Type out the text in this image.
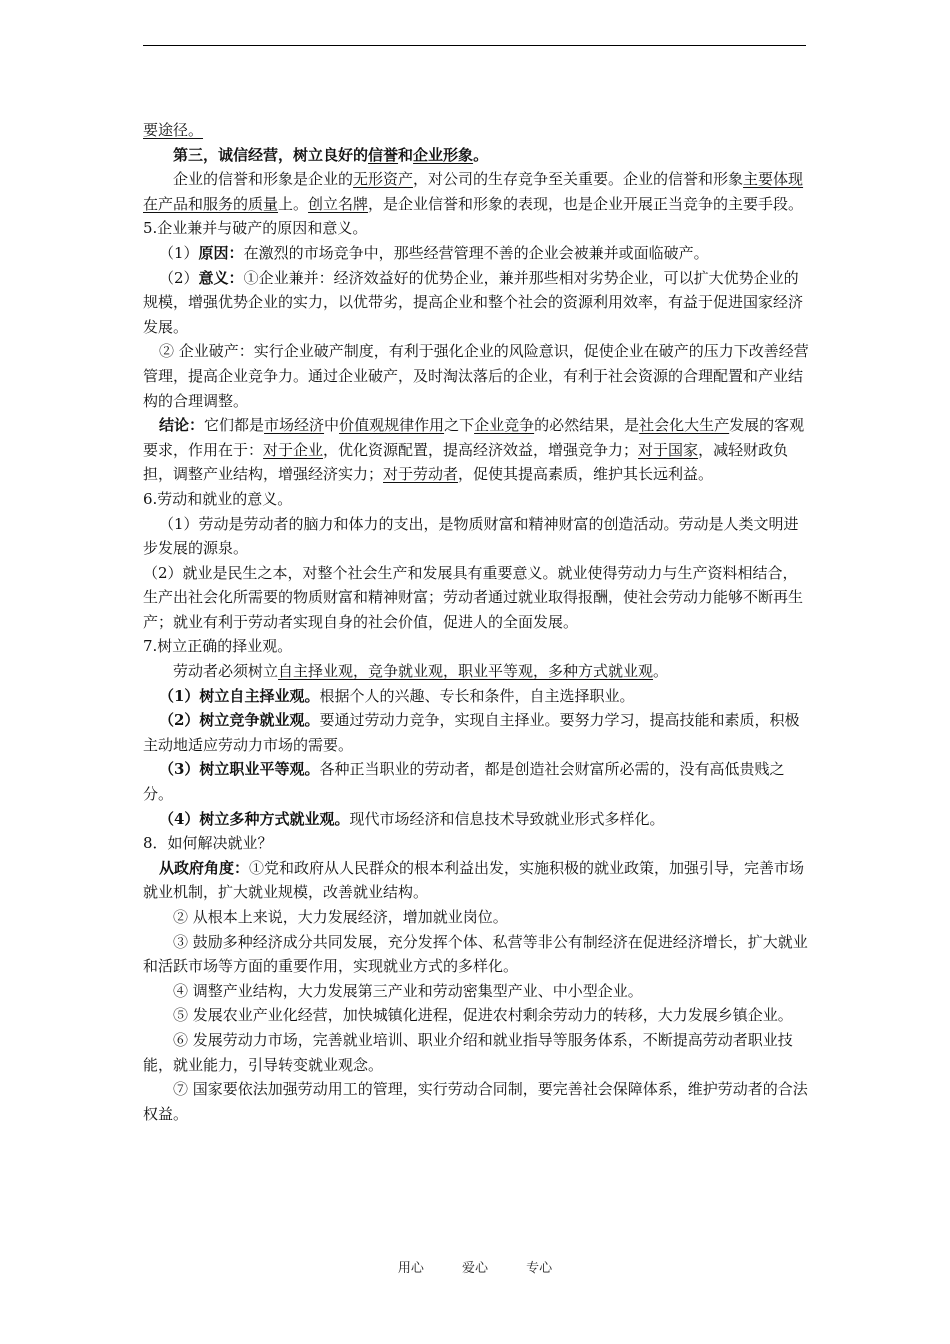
要途径。

第三，诚信经营，树立良好的信誉和企业形象。

企业的信誉和形象是企业的无形资产，对公司的生存竞争至关重要。企业的信誉和形象主要体现在产品和服务的质量上。创立名牌，是企业信誉和形象的表现，也是企业开展正当竞争的主要手段。

5.企业兼并与破产的原因和意义。

（1）原因：在激烈的市场竞争中，那些经营管理不善的企业会被兼并或面临破产。

（2）意义：①企业兼并：经济效益好的优势企业，兼并那些相对劣势企业，可以扩大优势企业的规模，增强优势企业的实力，以优带劣，提高企业和整个社会的资源利用效率，有益于促进国家经济发展。

② 企业破产：实行企业破产制度，有利于强化企业的风险意识，促使企业在破产的压力下改善经营管理，提高企业竞争力。通过企业破产，及时淘汰落后的企业，有利于社会资源的合理配置和产业结构的合理调整。

结论：它们都是市场经济中价值观规律作用之下企业竞争的必然结果，是社会化大生产发展的客观要求，作用在于：对于企业，优化资源配置，提高经济效益，增强竞争力；对于国家，减轻财政负担，调整产业结构，增强经济实力；对于劳动者，促使其提高素质，维护其长远利益。

6.劳动和就业的意义。

（1）劳动是劳动者的脑力和体力的支出，是物质财富和精神财富的创造活动。劳动是人类文明进步发展的源泉。

（2）就业是民生之本，对整个社会生产和发展具有重要意义。就业使得劳动力与生产资料相结合，生产出社会化所需要的物质财富和精神财富；劳动者通过就业取得报酬，使社会劳动力能够不断再生产；就业有利于劳动者实现自身的社会价值，促进人的全面发展。

7.树立正确的择业观。

劳动者必须树立自主择业观，竞争就业观，职业平等观，多种方式就业观。

（1）树立自主择业观。根据个人的兴趣、专长和条件，自主选择职业。

（2）树立竞争就业观。要通过劳动力竞争，实现自主择业。要努力学习，提高技能和素质，积极主动地适应劳动力市场的需要。

（3）树立职业平等观。各种正当职业的劳动者，都是创造社会财富所必需的，没有高低贵贱之分。

（4）树立多种方式就业观。现代市场经济和信息技术导致就业形式多样化。

8．如何解决就业？

从政府角度：①党和政府从人民群众的根本利益出发，实施积极的就业政策，加强引导，完善市场就业机制，扩大就业规模，改善就业结构。

② 从根本上来说，大力发展经济，增加就业岗位。

③ 鼓励多种经济成分共同发展，充分发挥个体、私营等非公有制经济在促进经济增长，扩大就业和活跃市场等方面的重要作用，实现就业方式的多样化。

④ 调整产业结构，大力发展第三产业和劳动密集型产业、中小型企业。

⑤ 发展农业产业化经营，加快城镇化进程，促进农村剩余劳动力的转移，大力发展乡镇企业。

⑥ 发展劳动力市场，完善就业培训、职业介绍和就业指导等服务体系，不断提高劳动者职业技能，就业能力，引导转变就业观念。

⑦ 国家要依法加强劳动用工的管理，实行劳动合同制，要完善社会保障体系，维护劳动者的合法权益。

用心	爱心	专心
